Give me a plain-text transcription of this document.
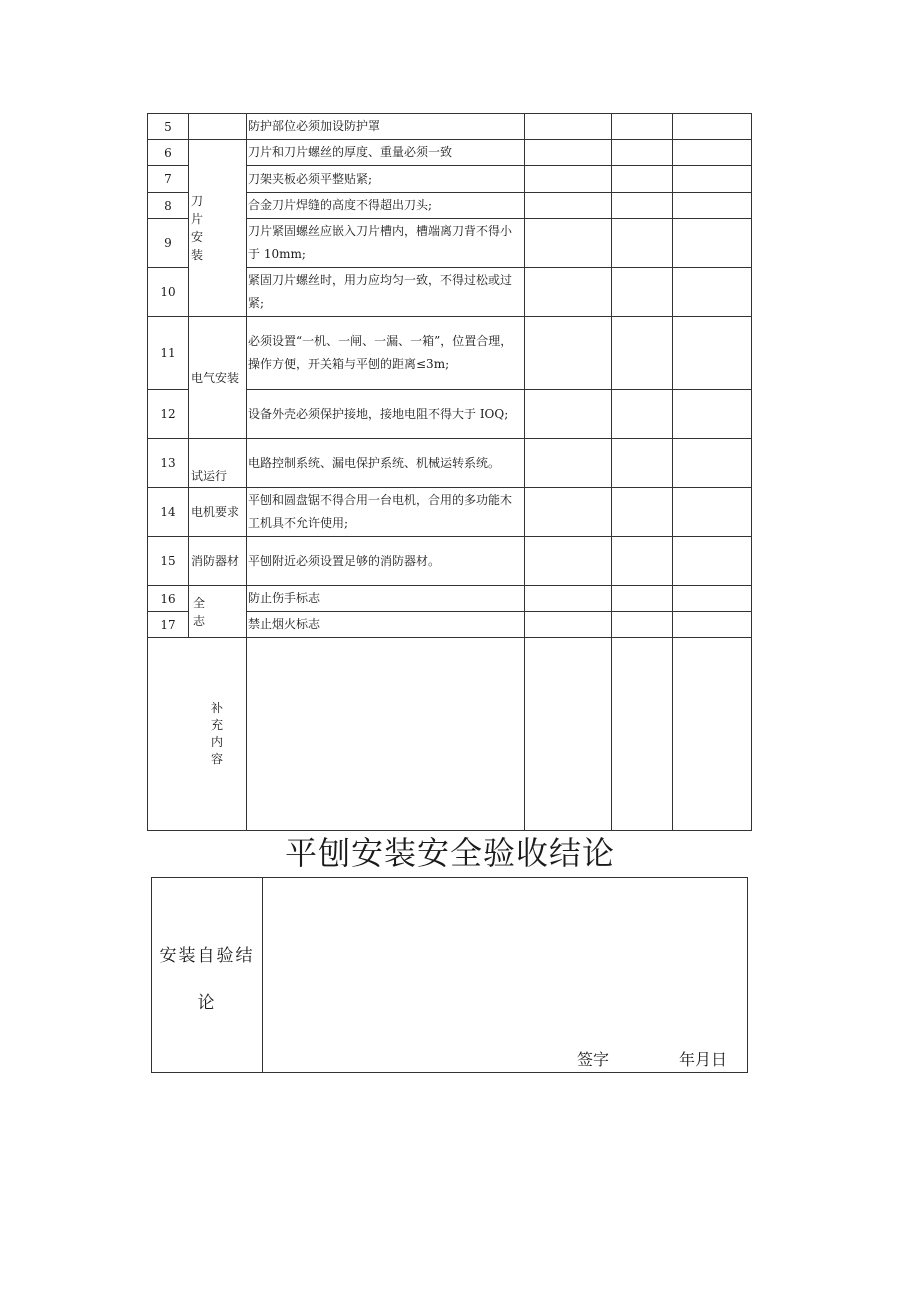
5		防护部位必须加设防护罩			
6	刀片安装	刀片和刀片螺丝的厚度、重量必须一致			
7		刀架夹板必须平整贴紧;			
8		合金刀片焊缝的高度不得超出刀头;			
9		刀片紧固螺丝应嵌入刀片槽内，槽端离刀背不得小于 10mm;			
10		紧固刀片螺丝时，用力应均匀一致，不得过松或过紧;			
11	电气安装	必须设置“一机、一闸、一漏、一箱”，位置合理，操作方便，开关箱与平刨的距离≤3m;			
12		设备外壳必须保护接地，接地电阻不得大于 IOQ;			
13	试运行	电路控制系统、漏电保护系统、机械运转系统。			
14	电机要求	平刨和圆盘锯不得合用一台电机，合用的多功能木工机具不允许使用;			
15	消防器材	平刨附近必须设置足够的消防器材。			
16	全志	防止伤手标志			
17		禁止烟火标志			

补充内容					

平刨安装安全验收结论
安装自验结论

签字	年月日
